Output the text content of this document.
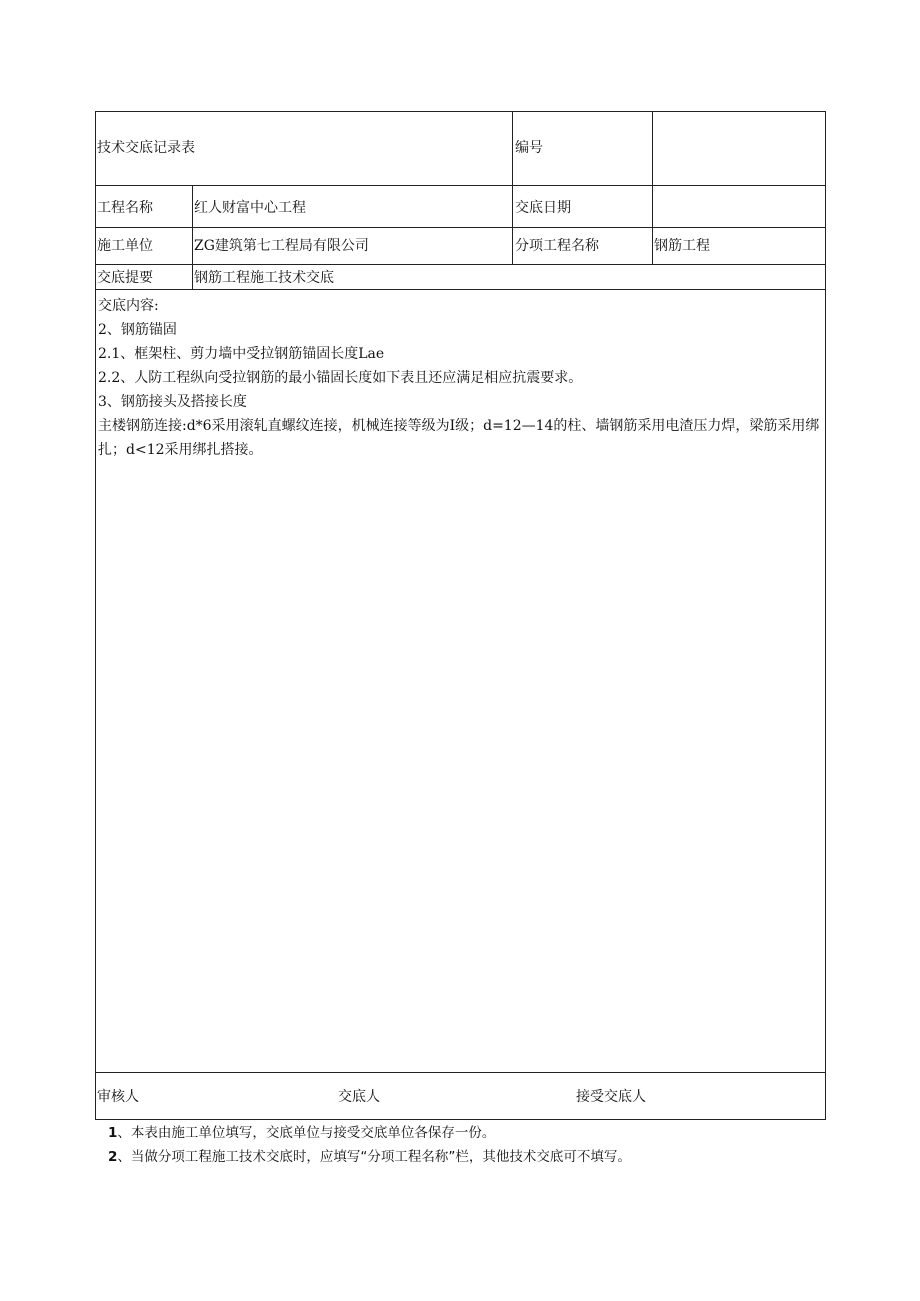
技术交底记录表	编号
工程名称	红人财富中心工程	交底日期
施工单位	ZG建筑第七工程局有限公司	分项工程名称	钢筋工程
交底提要	钢筋工程施工技术交底
交底内容:
2、钢筋锚固
2.1、框架柱、剪力墙中受拉钢筋锚固长度Lae
2.2、人防工程纵向受拉钢筋的最小锚固长度如下表且还应满足相应抗震要求。
3、钢筋接头及搭接长度
主楼钢筋连接:d*6采用滚轧直螺纹连接，机械连接等级为I级；d=12—14的柱、墙钢筋采用电渣压力焊，梁筋采用绑扎；d<12采用绑扎搭接。
审核人	交底人	接受交底人
1、本表由施工单位填写，交底单位与接受交底单位各保存一份。
2、当做分项工程施工技术交底时，应填写“分项工程名称”栏，其他技术交底可不填写。
